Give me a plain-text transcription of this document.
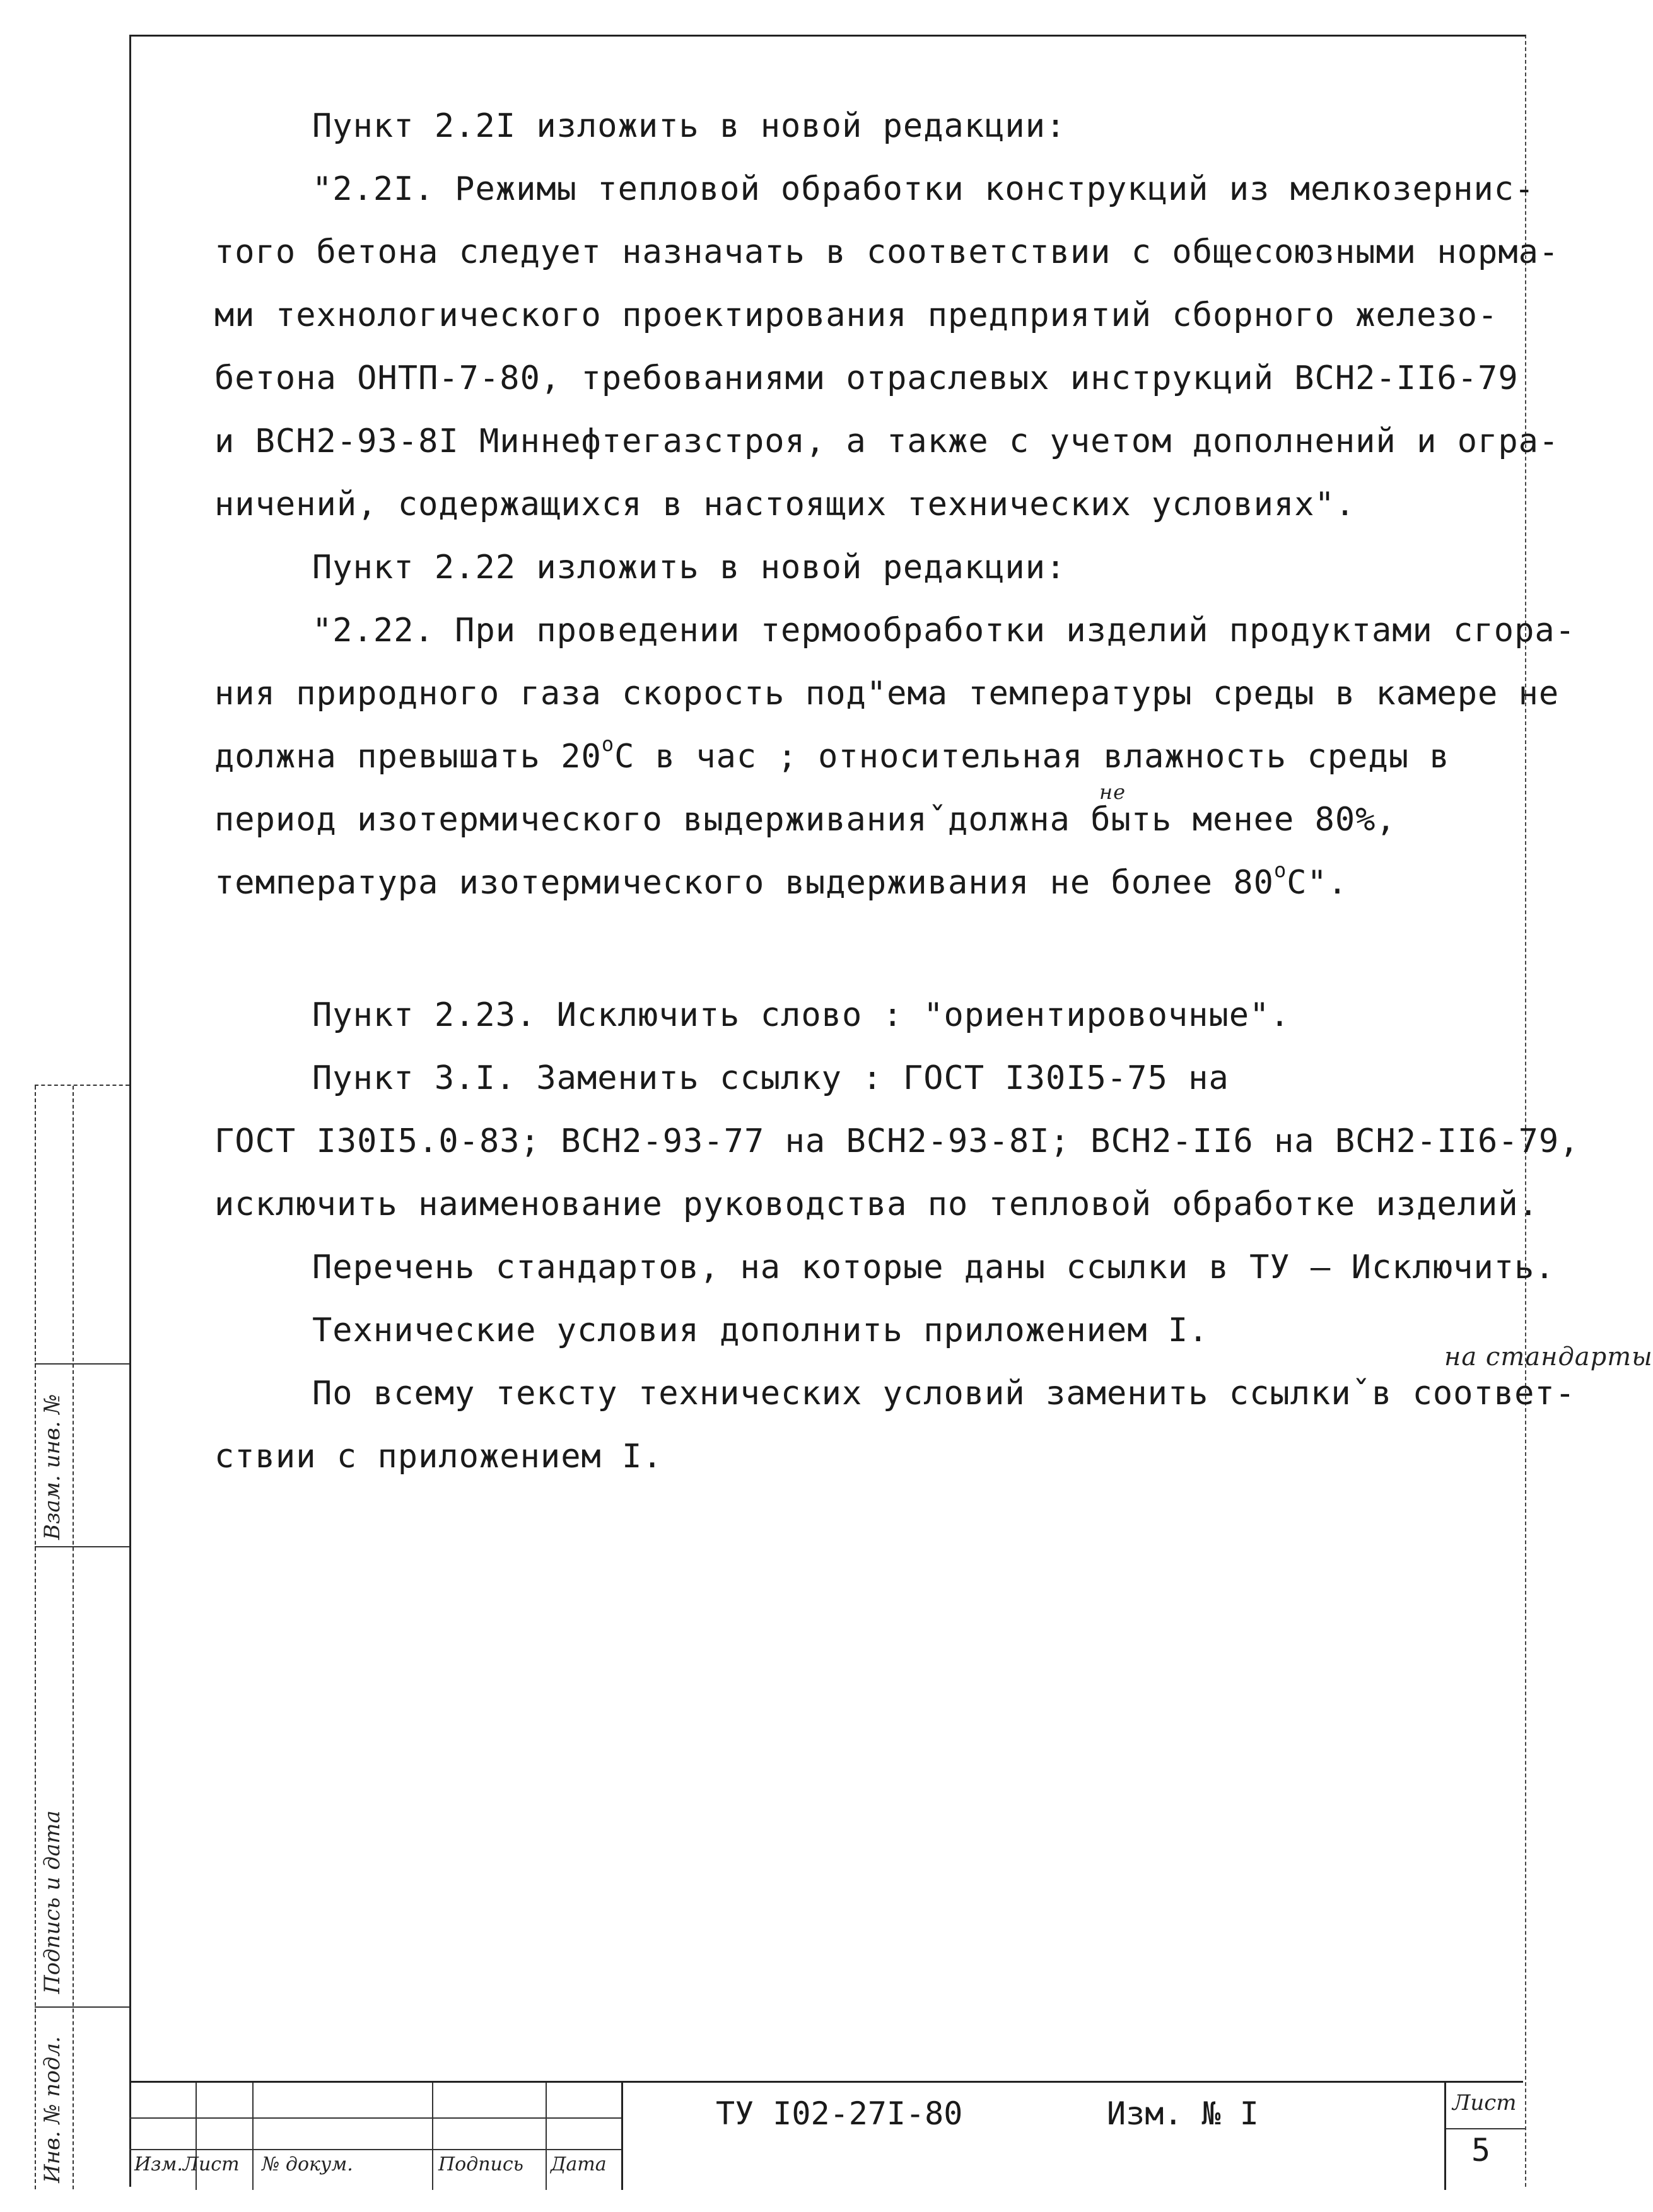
Пункт 2.2I изложить в новой редакции:
"2.2I. Режимы тепловой обработки конструкций из мелкозернис-
того бетона следует назначать в соответствии с общесоюзными норма-
ми технологического проектирования предприятий сборного железо-
бетона ОНТП-7-80, требованиями отраслевых инструкций ВСН2-II6-79
и ВСН2-93-8I Миннефтегазстроя, а также с учетом дополнений и огра-
ничений, содержащихся в настоящих технических условиях".
Пункт 2.22 изложить в новой редакции:
"2.22. При проведении термообработки изделий продуктами сгора-
ния природного газа скорость под"ема температуры среды в камере не
должна превышать $20^оС$ в час ; относительная влажность среды в
период изотермического выдерживания
не
ˇдолжна быть менее 80%,
температура изотермического выдерживания не более $80^оС$".
Пункт 2.23. Исключить слово : "ориентировочные".
Пункт 3.I. Заменить ссылку : ГОСТ I30I5-75 на
ГОСТ I30I5.0-83; ВСН2-93-77 на ВСН2-93-8I; ВСН2-II6 на ВСН2-II6-79,
исключить наименование руководства по тепловой обработке изделий.
Перечень стандартов, на которые даны ссылки в ТУ – Исключить.
Технические условия дополнить приложением I.
По всему тексту технических условий заменить ссылки
на стандарты
ˇв соответ-
ствии с приложением I.
Изм.Лист № докум.	Подпись Дата
ТУ I02-27I-80	Изм. № I	Лист
5
Инв. № подл.
Подпись и дата
Взам. инв. №
